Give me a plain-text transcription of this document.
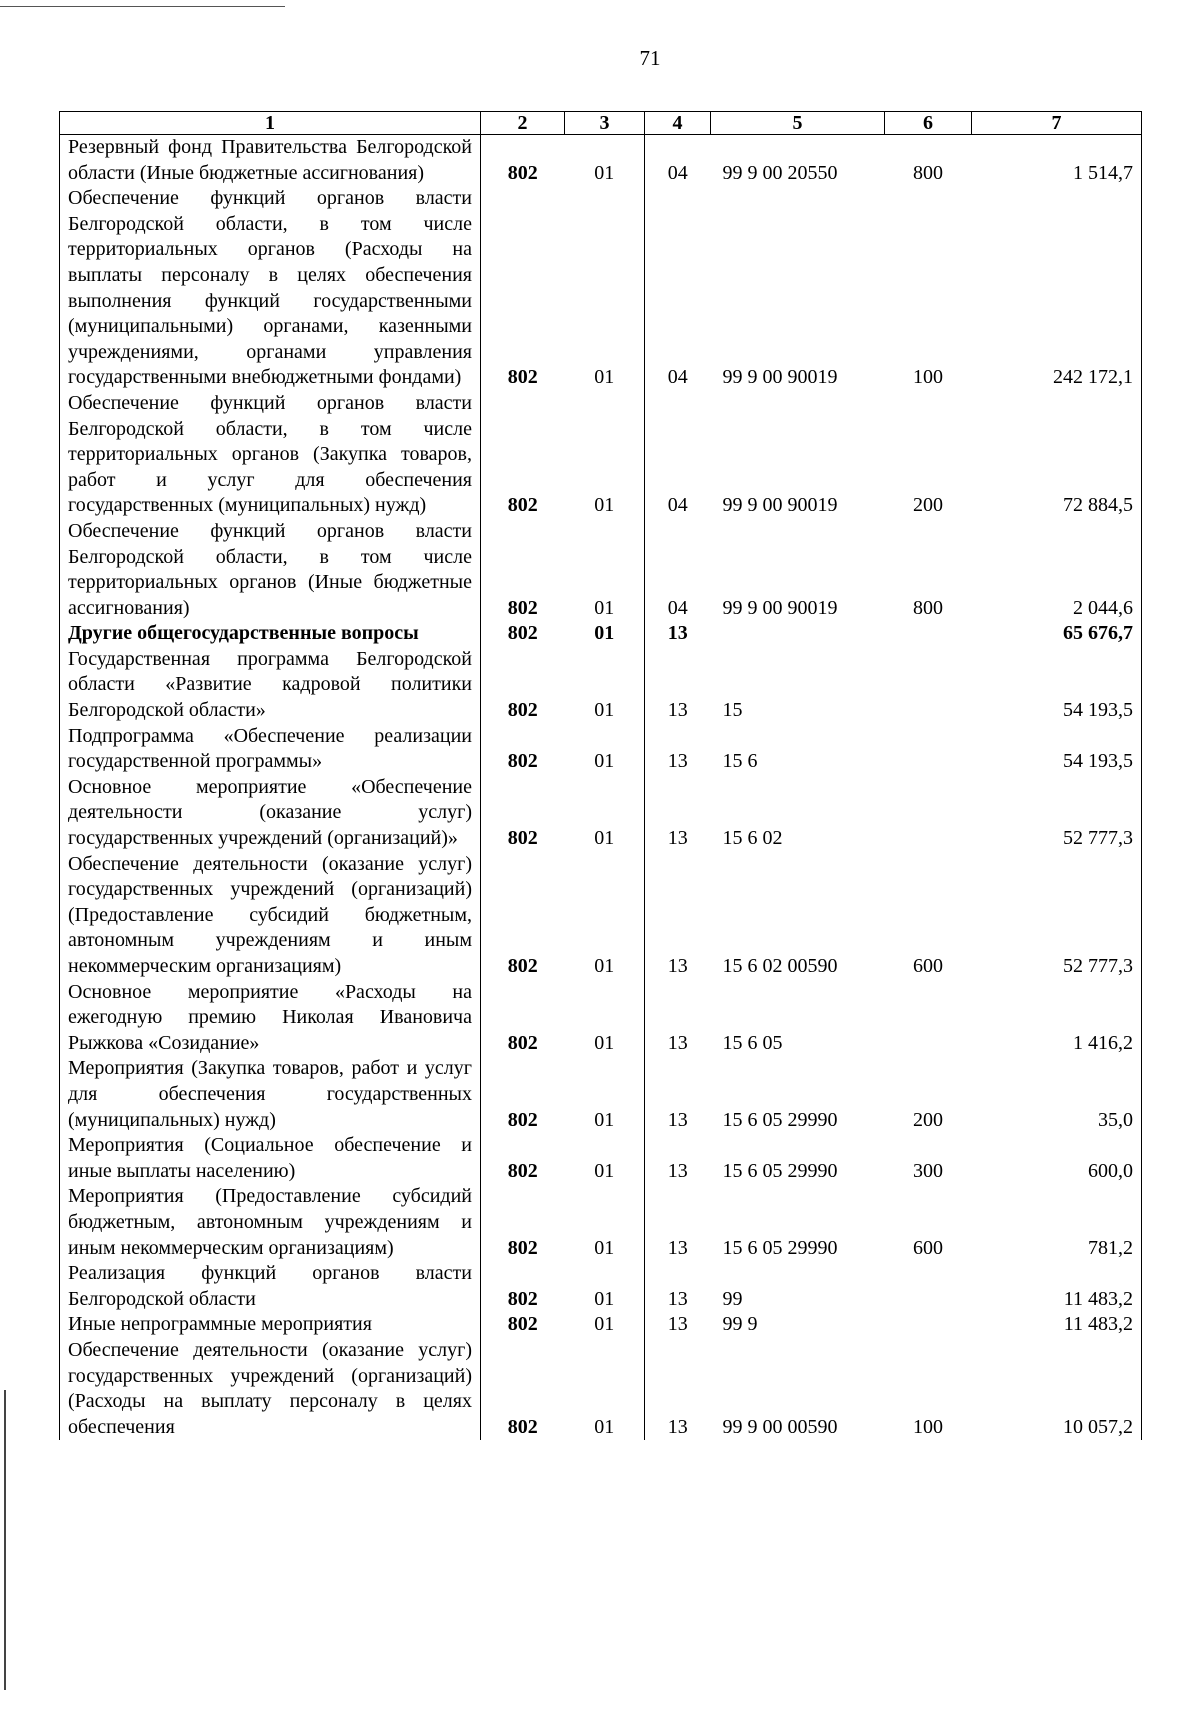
71
1	2	3	4	5	6	7
Резервный фонд Правительства Белгородской области (Иные бюджетные ассигнования)	802	01	04	99 9 00 20550	800	1 514,7
Обеспечение функций органов власти Белгородской области, в том числе территориальных органов (Расходы на выплаты персоналу в целях обеспечения выполнения функций государственными (муниципальными) органами, казенными учреждениями, органами управления государственными внебюджетными фондами)	802	01	04	99 9 00 90019	100	242 172,1
Обеспечение функций органов власти Белгородской области, в том числе территориальных органов (Закупка товаров, работ и услуг для обеспечения государственных (муниципальных) нужд)	802	01	04	99 9 00 90019	200	72 884,5
Обеспечение функций органов власти Белгородской области, в том числе территориальных органов (Иные бюджетные ассигнования)	802	01	04	99 9 00 90019	800	2 044,6
Другие общегосударственные вопросы	802	01	13			65 676,7
Государственная программа Белгородской области «Развитие кадровой политики Белгородской области»	802	01	13	15		54 193,5
Подпрограмма «Обеспечение реализации государственной программы»	802	01	13	15 6		54 193,5
Основное мероприятие «Обеспечение деятельности (оказание услуг) государственных учреждений (организаций)»	802	01	13	15 6 02		52 777,3
Обеспечение деятельности (оказание услуг) государственных учреждений (организаций) (Предоставление субсидий бюджетным, автономным учреждениям и иным некоммерческим организациям)	802	01	13	15 6 02 00590	600	52 777,3
Основное мероприятие «Расходы на ежегодную премию Николая Ивановича Рыжкова «Созидание»	802	01	13	15 6 05		1 416,2
Мероприятия (Закупка товаров, работ и услуг для обеспечения государственных (муниципальных) нужд)	802	01	13	15 6 05 29990	200	35,0
Мероприятия (Социальное обеспечение и иные выплаты населению)	802	01	13	15 6 05 29990	300	600,0
Мероприятия (Предоставление субсидий бюджетным, автономным учреждениям и иным некоммерческим организациям)	802	01	13	15 6 05 29990	600	781,2
Реализация функций органов власти Белгородской области	802	01	13	99		11 483,2
Иные непрограммные мероприятия	802	01	13	99 9		11 483,2
Обеспечение деятельности (оказание услуг) государственных учреждений (организаций) (Расходы на выплату персоналу в целях обеспечения	802	01	13	99 9 00 00590	100	10 057,2
